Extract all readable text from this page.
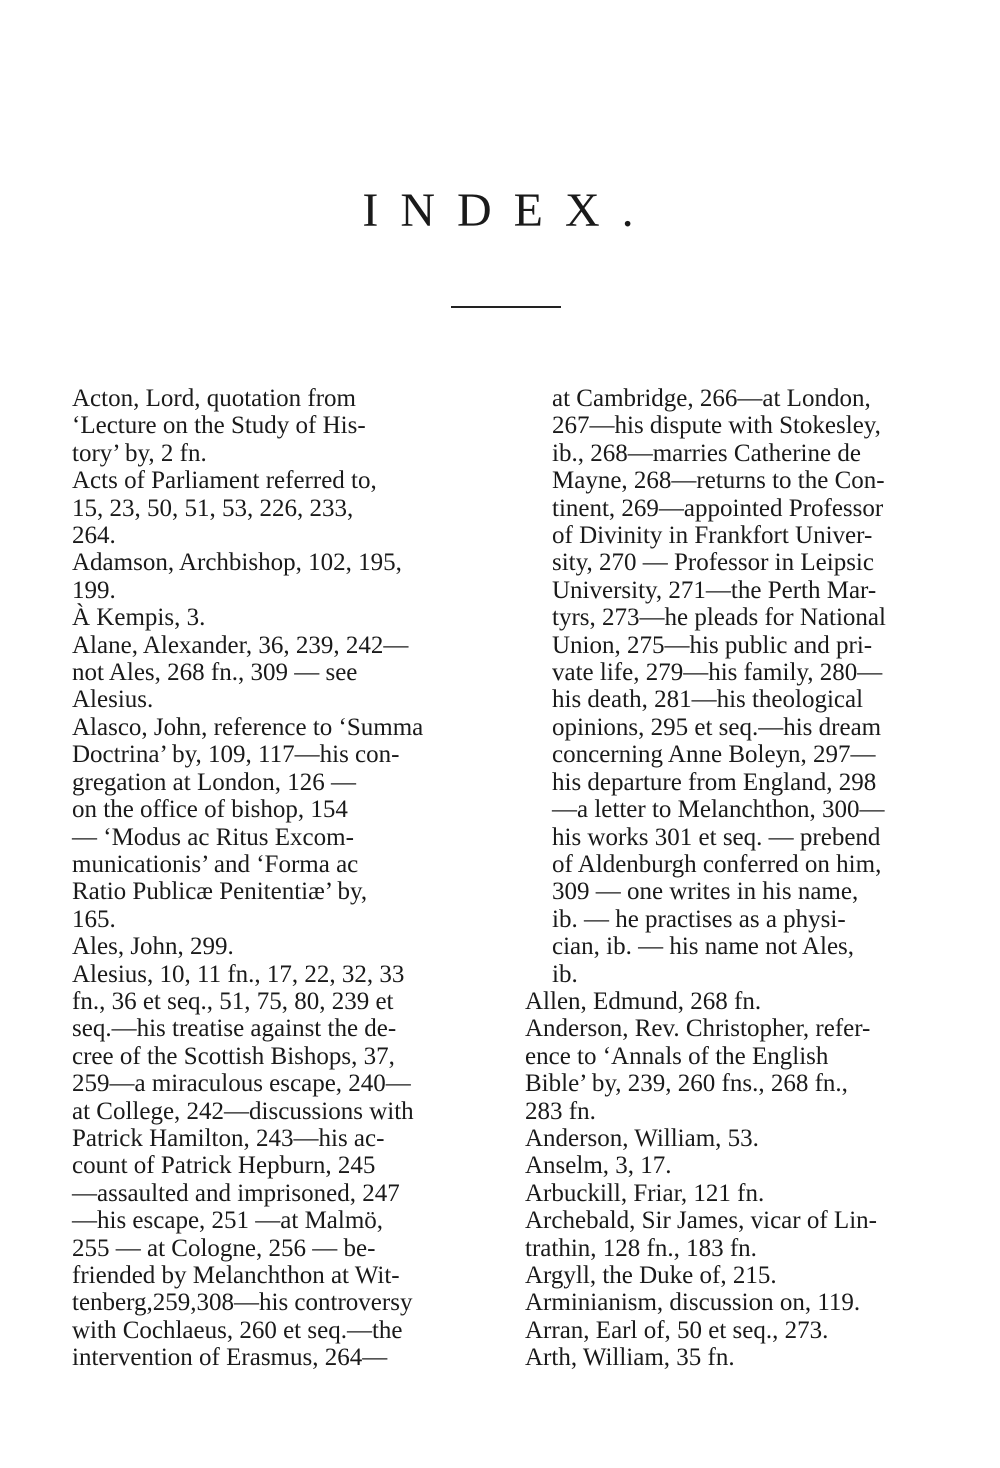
INDEX.

Acton, Lord, quotation from
‘Lecture on the Study of His-
tory’ by, 2 fn.

Acts of Parliament referred to,
15, 23, 50, 51, 53, 226, 233,
264.

Adamson, Archbishop, 102, 195,
199.

À Kempis, 3.

Alane, Alexander, 36, 239, 242—
not Ales, 268 fn., 309 — see
Alesius.

Alasco, John, reference to ‘Summa
Doctrina’ by, 109, 117—his con-
gregation at London, 126 —
on the office of bishop, 154
— ‘Modus ac Ritus Excom-
municationis’ and ‘Forma ac
Ratio Publicæ Penitentiæ’ by,
165.

Ales, John, 299.

Alesius, 10, 11 fn., 17, 22, 32, 33
fn., 36 et seq., 51, 75, 80, 239 et
seq.—his treatise against the de-
cree of the Scottish Bishops, 37,
259—a miraculous escape, 240—
at College, 242—discussions with
Patrick Hamilton, 243—his ac-
count of Patrick Hepburn, 245
—assaulted and imprisoned, 247
—his escape, 251 —at Malmö,
255 — at Cologne, 256 — be-
friended by Melanchthon at Wit-
tenberg,259,308—his controversy
with Cochlaeus, 260 et seq.—the
intervention of Erasmus, 264—

at Cambridge, 266—at London,
267—his dispute with Stokesley,
ib., 268—marries Catherine de
Mayne, 268—returns to the Con-
tinent, 269—appointed Professor
of Divinity in Frankfort Univer-
sity, 270 — Professor in Leipsic
University, 271—the Perth Mar-
tyrs, 273—he pleads for National
Union, 275—his public and pri-
vate life, 279—his family, 280—
his death, 281—his theological
opinions, 295 et seq.—his dream
concerning Anne Boleyn, 297—
his departure from England, 298
—a letter to Melanchthon, 300—
his works 301 et seq. — prebend
of Aldenburgh conferred on him,
309 — one writes in his name,
ib. — he practises as a physi-
cian, ib. — his name not Ales,
ib.

Allen, Edmund, 268 fn.

Anderson, Rev. Christopher, refer-
ence to ‘Annals of the English
Bible’ by, 239, 260 fns., 268 fn.,
283 fn.

Anderson, William, 53.

Anselm, 3, 17.

Arbuckill, Friar, 121 fn.

Archebald, Sir James, vicar of Lin-
trathin, 128 fn., 183 fn.

Argyll, the Duke of, 215.

Arminianism, discussion on, 119.

Arran, Earl of, 50 et seq., 273.

Arth, William, 35 fn.
